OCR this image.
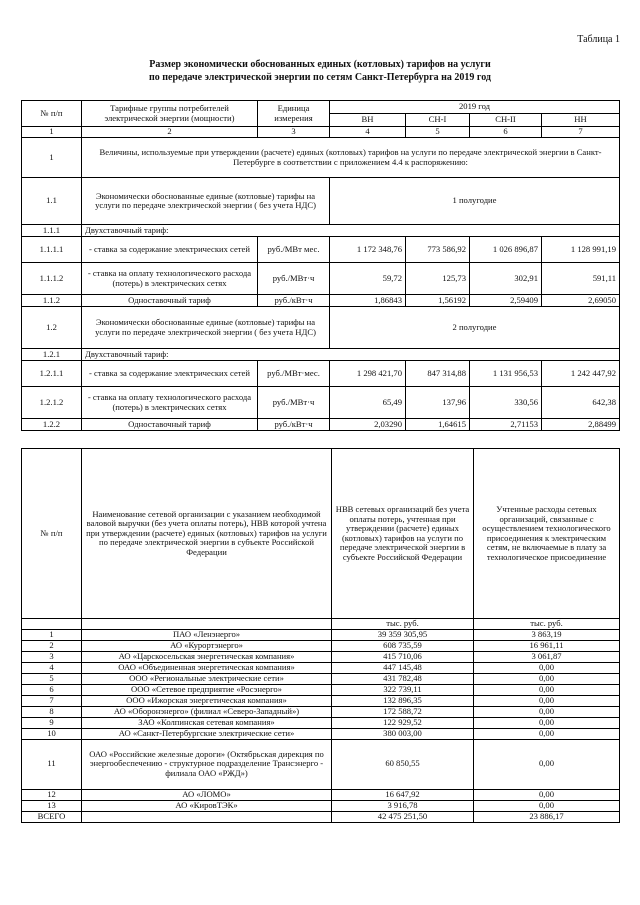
Таблица 1
Размер экономически обоснованных единых (котловых) тарифов на услуги
по передаче электрической энергии по сетям Санкт-Петербурга на 2019 год
№ п/п	Тарифные группы потребителей электрической энергии (мощности)	Единица измерения	2019 год			
			ВН	СН-I	СН-II	НН
1	2	3	4	5	6	7
1	Величины, используемые при утверждении (расчете) единых (котловых) тарифов на услуги по передаче электрической энергии в Санкт-Петербурге в соответствии с приложением 4.4 к распоряжению:					
1.1	Экономически обоснованные единые (котловые) тарифы на услуги по передаче электрической энергии ( без учета НДС)		1 полугодие			
1.1.1	Двухставочный тариф:					
1.1.1.1	- ставка за содержание электрических сетей	руб./МВт мес.	1 172 348,76	773 586,92	1 026 896,87	1 128 991,19
1.1.1.2	- ставка на оплату технологического расхода (потерь) в электрических сетях	руб./МВт·ч	59,72	125,73	302,91	591,11
1.1.2	Одноставочный тариф	руб./кВт·ч	1,86843	1,56192	2,59409	2,69050
1.2	Экономически обоснованные единые (котловые) тарифы на услуги по передаче электрической энергии ( без учета НДС)		2 полугодие			
1.2.1	Двухставочный тариф:					
1.2.1.1	- ставка за содержание электрических сетей	руб./МВт·мес.	1 298 421,70	847 314,88	1 131 956,53	1 242 447,92
1.2.1.2	- ставка на оплату технологического расхода (потерь) в электрических сетях	руб./МВт·ч	65,49	137,96	330,56	642,38
1.2.2	Одноставочный тариф	руб./кВт·ч	2,03290	1,64615	2,71153	2,88499
№ п/п	Наименование сетевой организации с указанием необходимой валовой выручки (без учета оплаты потерь), НВВ которой учтена при утверждении (расчете) единых (котловых) тарифов на услуги по передаче электрической энергии в субъекте Российской Федерации	НВВ сетевых организаций без учета оплаты потерь, учтенная при утверждении (расчете) единых (котловых) тарифов на услуги по передаче электрической энергии в субъекте Российской Федерации	Учтенные расходы сетевых организаций, связанные с осуществлением технологического присоединения к электрическим сетям, не включаемые в плату за технологическое присоединение
		тыс. руб.	тыс. руб.
1	ПАО «Ленэнерго»	39 359 305,95	3 863,19
2	АО «Курортэнерго»	608 735,59	16 961,11
3	АО «Царскосельская энергетическая компания»	415 710,06	3 061,87
4	ОАО «Объединенная энергетическая компания»	447 145,48	0,00
5	ООО «Региональные электрические сети»	431 782,48	0,00
6	ООО «Сетевое предприятие «Росэнерго»	322 739,11	0,00
7	ООО «Ижорская энергетическая компания»	132 896,35	0,00
8	АО «Оборонэнерго» (филиал «Северо-Западный»)	172 588,72	0,00
9	ЗАО «Колпинская сетевая компания»	122 929,52	0,00
10	АО «Санкт-Петербургские электрические сети»	380 003,00	0,00
11	ОАО «Российские железные дороги» (Октябрьская дирекция по энергообеспечению - структурное подразделение Трансэнерго - филиала ОАО «РЖД»)	60 850,55	0,00
12	АО «ЛОМО»	16 647,92	0,00
13	АО «КировТЭК»	3 916,78	0,00
ВСЕГО		42 475 251,50	23 886,17
